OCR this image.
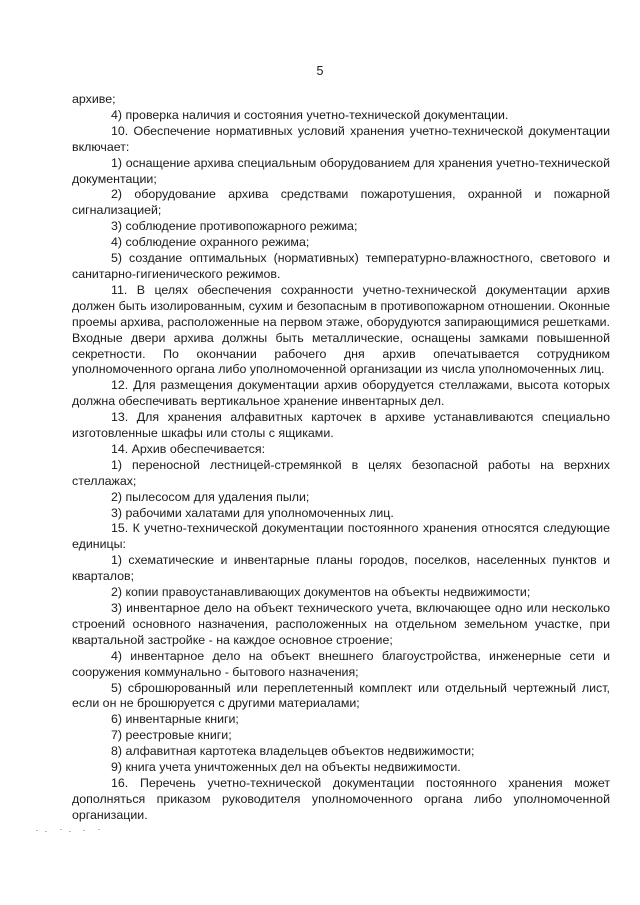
5

архиве;

4) проверка наличия и состояния учетно-технической документации.

10. Обеспечение нормативных условий хранения учетно-технической документации включает:

1) оснащение архива специальным оборудованием для хранения учетно-технической документации;

2) оборудование архива средствами пожаротушения, охранной и пожарной сигнализацией;

3) соблюдение противопожарного режима;

4) соблюдение охранного режима;

5) создание оптимальных (нормативных) температурно-влажностного, светового и санитарно-гигиенического режимов.

11. В целях обеспечения сохранности учетно-технической документации архив должен быть изолированным, сухим и безопасным в противопожарном отношении. Оконные проемы архива, расположенные на первом этаже, оборудуются запирающимися решетками. Входные двери архива должны быть металлические, оснащены замками повышенной секретности. По окончании рабочего дня архив опечатывается сотрудником уполномоченного органа либо уполномоченной организации из числа уполномоченных лиц.

12. Для размещения документации архив оборудуется стеллажами, высота которых должна обеспечивать вертикальное хранение инвентарных дел.

13. Для хранения алфавитных карточек в архиве устанавливаются специально изготовленные шкафы или столы с ящиками.

14. Архив обеспечивается:

1) переносной лестницей-стремянкой в целях безопасной работы на верхних стеллажах;

2) пылесосом для удаления пыли;

3) рабочими халатами для уполномоченных лиц.

15. К учетно-технической документации постоянного хранения относятся следующие единицы:

1) схематические и инвентарные планы городов, поселков, населенных пунктов и кварталов;

2) копии правоустанавливающих документов на объекты недвижимости;

3) инвентарное дело на объект технического учета, включающее одно или несколько строений основного назначения, расположенных на отдельном земельном участке, при квартальной застройке - на каждое основное строение;

4) инвентарное дело на объект внешнего благоустройства, инженерные сети и сооружения коммунально - бытового назначения;

5) сброшюрованный или переплетенный комплект или отдельный чертежный лист, если он не брошюруется с другими материалами;

6) инвентарные книги;

7) реестровые книги;

8) алфавитная картотека владельцев объектов недвижимости;

9) книга учета уничтоженных дел на объекты недвижимости.

16. Перечень учетно-технической документации постоянного хранения может дополняться приказом руководителя уполномоченного органа либо уполномоченной организации.
